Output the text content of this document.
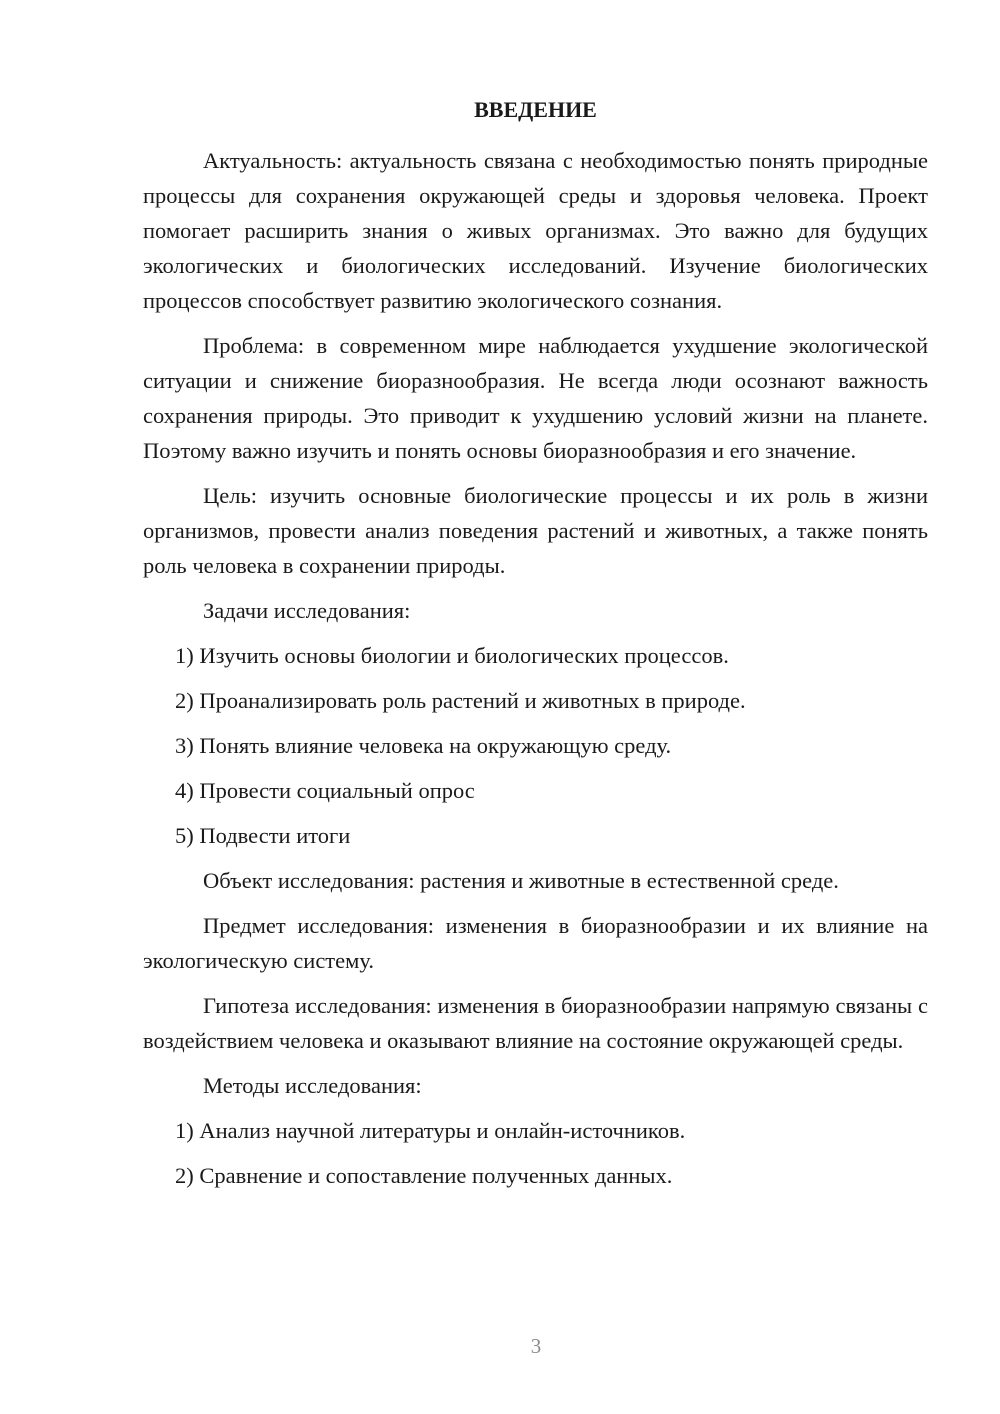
ВВЕДЕНИЕ

Актуальность: актуальность связана с необходимостью понять природные процессы для сохранения окружающей среды и здоровья человека. Проект помогает расширить знания о живых организмах. Это важно для будущих экологических и биологических исследований. Изучение биологических процессов способствует развитию экологического сознания.

Проблема: в современном мире наблюдается ухудшение экологической ситуации и снижение биоразнообразия. Не всегда люди осознают важность сохранения природы. Это приводит к ухудшению условий жизни на планете. Поэтому важно изучить и понять основы биоразнообразия и его значение.

Цель: изучить основные биологические процессы и их роль в жизни организмов, провести анализ поведения растений и животных, а также понять роль человека в сохранении природы.

Задачи исследования:

1) Изучить основы биологии и биологических процессов.
2) Проанализировать роль растений и животных в природе.
3) Понять влияние человека на окружающую среду.
4) Провести социальный опрос
5) Подвести итоги

Объект исследования: растения и животные в естественной среде.

Предмет исследования: изменения в биоразнообразии и их влияние на экологическую систему.

Гипотеза исследования: изменения в биоразнообразии напрямую связаны с воздействием человека и оказывают влияние на состояние окружающей среды.

Методы исследования:

1) Анализ научной литературы и онлайн-источников.
2) Сравнение и сопоставление полученных данных.
3
